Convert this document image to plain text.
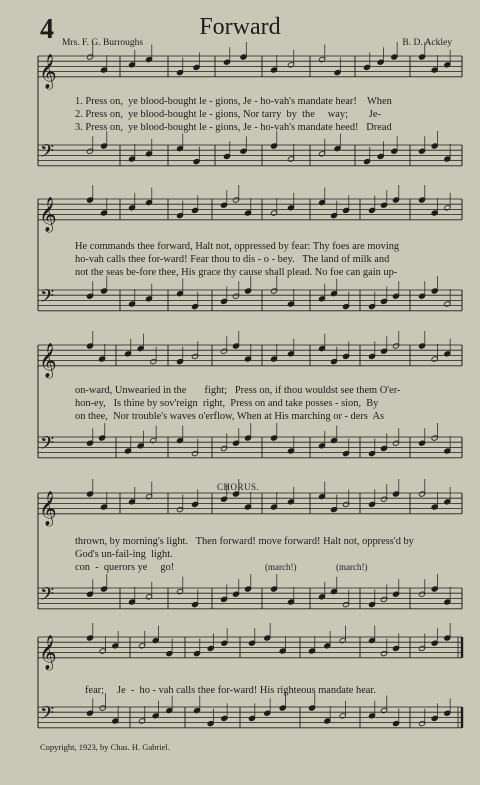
4	Forward
Mrs. F. G. Burroughs	B. D. Ackley
𝄞
𝄢
𝄞
𝄢
𝄞
𝄢
𝄞
𝄢
𝄞
𝄢

1. Press on,  ye blood-bought le - gions, Je - ho-vah's mandate hear!    When

2. Press on,  ye blood-bought le - gions, Nor tarry  by  the     way;        Je-

3. Press on,  ye blood-bought le - gions, Je - ho-vah's mandate heed!   Dread

He commands thee forward, Halt not, oppressed by fear: Thy foes are moving

ho-vah calls thee for-ward! Fear thou to dis - o - bey.   The land of milk and

not the seas be-fore thee, His grace thy cause shall plead. No foe can gain up-

on-ward, Unwearied in the       fight;   Press on, if thou wouldst see them O'er-

hon-ey,   Is thine by sov'reign  right,  Press on and take posses - sion,  By

on thee,  Nor trouble's waves o'erflow, When at His marching or - ders  As

CHORUS.

thrown, by morning's light.   Then forward! move forward! Halt not, oppress'd by

God's un-fail-ing  light.

con  -  querors ye     go!

	(march!)

	(march!)

fear;     Je  -  ho - vah calls thee for-ward! His righteous mandate hear.

Copyright, 1923, by Chas. H. Gabriel.
